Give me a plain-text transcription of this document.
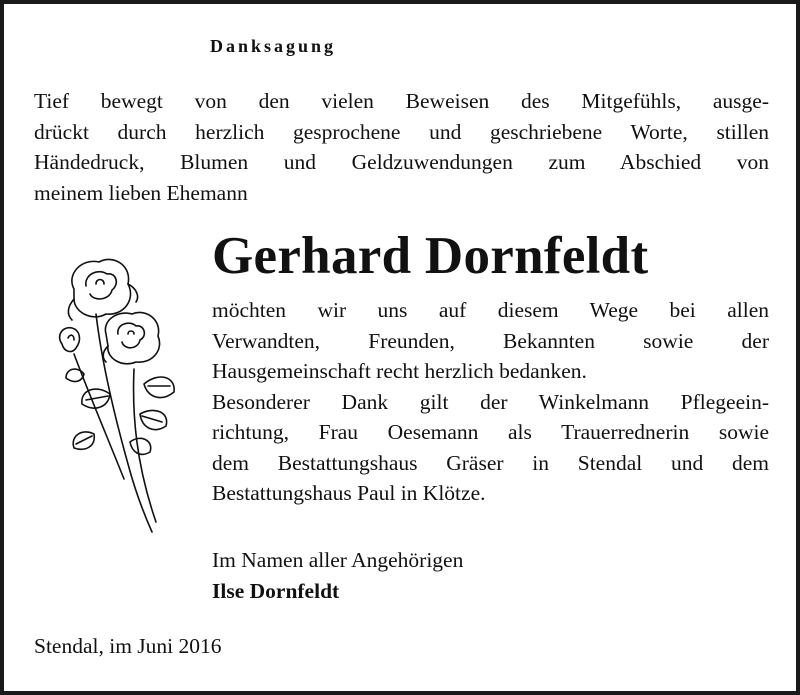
Danksagung
Tief bewegt von den vielen Beweisen des Mitgefühls, ausge-
drückt durch herzlich gesprochene und geschriebene Worte, stillen
Händedruck, Blumen und Geldzuwendungen zum Abschied von
meinem lieben Ehemann
Gerhard Dornfeldt
möchten wir uns auf diesem Wege bei allen
Verwandten, Freunden, Bekannten sowie der
Hausgemeinschaft recht herzlich bedanken.
Besonderer Dank gilt der Winkelmann Pflegeein-
richtung, Frau Oesemann als Trauerrednerin sowie
dem Bestattungshaus Gräser in Stendal und dem
Bestattungshaus Paul in Klötze.
Im Namen aller Angehörigen
Ilse Dornfeldt
Stendal, im Juni 2016
